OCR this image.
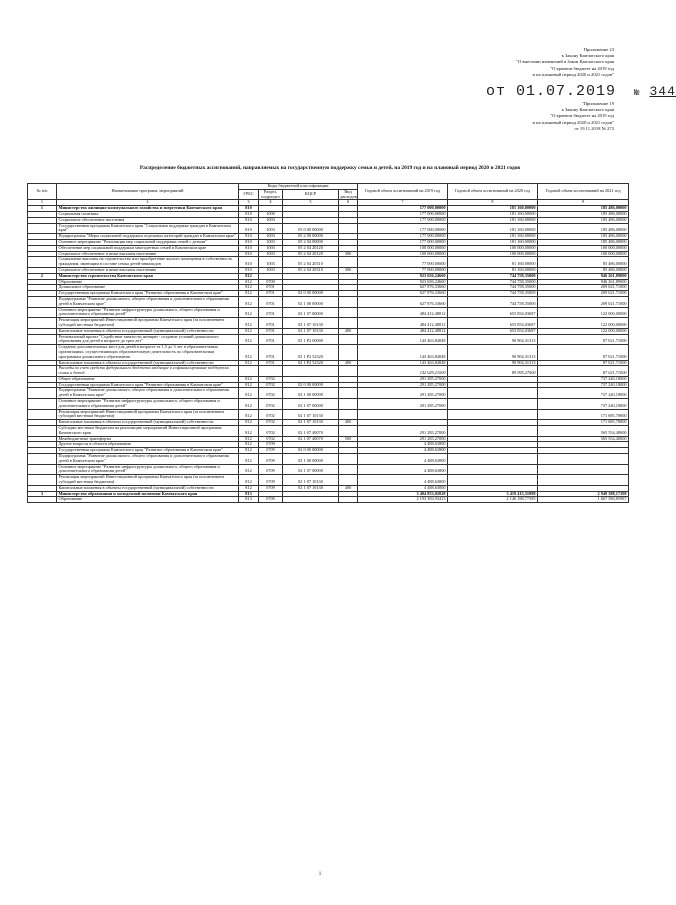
Приложение 23
к Закону Камчатского края
"О внесении изменений в Закон Камчатского края
"О краевом бюджете на 2019 год
и на плановый период 2020 и 2021 годов"
от 01.07.2019 № 344
"Приложение 19
к Закону Камчатского края
"О краевом бюджете на 2019 год
и на плановый период 2020 и 2021 годов"
от 19.11.2018 № 272
Распределение бюджетных ассигнований, направляемых на государственную поддержку семьи и детей, на 2019 год и на плановый период 2020 и 2021 годов
№ п/п	Наименование программ, мероприятий	Коды бюджетной классификации				Годовой объем ассигнований на 2019 год	Годовой объем ассигнований на 2020 год	Годовой объем ассигнований на 2021 год
		ГРБС	Раздел, подраздел	КЦСР	Вид расходов			
1	2	3	4	5	6	7	8	9
1	Министерство жилищно-коммунального хозяйства и энергетики Камчатского края	810				177 000,00000	181 160,00000	185 486,00000
	Социальная политика	810	1000			177 000,00000	181 160,00000	185 486,00000
	Социальное обеспечение населения	810	1003			177 000,00000	181 160,00000	185 486,00000
	Государственная программа Камчатского края "Социальная поддержка граждан в Камчатском крае"	810	1003	05 0 00 00000		177 000,00000	181 160,00000	185 486,00000
	Подпрограмма "Меры социальной поддержки отдельных категорий граждан в Камчатском крае"	810	1003	05 2 00 00000		177 000,00000	181 160,00000	185 486,00000
	Основное мероприятие "Реализация мер социальной поддержки семей с детьми"	810	1003	05 2 04 00000		177 000,00000	181 160,00000	185 486,00000
	Обеспечение мер социальной поддержки многодетных семей в Камчатском крае	810	1003	05 2 04 20120		100 000,00000	100 000,00000	100 000,00000
	Социальное обеспечение и иные выплаты населению	810	1003	05 2 04 20120	300	100 000,00000	100 000,00000	100 000,00000
	Социальные выплаты на строительство или приобретение жилого помещения в собственность гражданам, имеющим в составе семьи детей-инвалидов	810	1003	05 2 04 20310		77 000,00000	81 160,00000	85 486,00000
	Социальное обеспечение и иные выплаты населению	810	1003	05 2 04 20310	300	77 000,00000	81 160,00000	85 486,00000
2	Министерство строительства Камчатского края	812				923 656,24660	744 758,35000	946 261,89000
	Образование	812	0700			923 656,24660	744 758,35000	946 261,89000
	Дошкольное образование	812	0701			627 876,33660	744 758,35000	209 021,71000
	Государственная программа Камчатского края "Развитие образования в Камчатском крае"	812	0701	02 0 00 00000		627 876,33660	744 758,35000	209 021,71000
	Подпрограмма "Развитие дошкольного, общего образования и дополнительного образования детей в Камчатском крае"	812	0701	02 1 00 00000		627 876,33660	744 758,35000	209 021,71000
	Основное мероприятие "Развитие инфраструктуры дошкольного, общего образования и дополнительного образования детей"	812	0701	02 1 07 00000		484 412,48812	653 854,03687	122 000,00000
	Реализация мероприятий Инвестиционной программы Камчатского края (за исключением субсидий местным бюджетам)	812	0701	02 1 07 10130		484 412,48812	653 854,03687	122 000,00000
	Капитальные вложения в объекты государственной (муниципальной) собственности	812	0701	02 1 07 10130	400	484 412,48812	653 854,03687	122 000,00000
	Региональный проект "Содействие занятости женщин - создание условий дошкольного образования для детей в возрасте до трех лет"	812	0701	02 1 P2 00000		143 463,84848	90 904,31313	87 021,71000
	Создание дополнительных мест для детей в возрасте от 1,5 до 3 лет в образовательных организациях, осуществляющих образовательную деятельность по образовательным программам дошкольного образования	812	0701	02 1 P2 52320		143 463,84848	90 904,31313	87 021,71000
	Капитальные вложения в объекты государственной (муниципальной) собственности	812	0701	02 1 P2 52320	400	143 463,84848	90 904,31313	87 021,71000
	Расходы за счет средств федерального бюджета входящие в софинансирование поддержки семьи и детей					142 029,21000	89 995,27000	87 021,71000
	Общее образование	812	0702			291 285,27000		737 240,18000
	Государственная программа Камчатского края "Развитие образования в Камчатском крае"	812	0702	02 0 00 00000		291 285,27000		737 240,18000
	Подпрограмма "Развитие дошкольного, общего образования и дополнительного образования детей в Камчатском крае"	812	0702	02 1 00 00000		291 285,27000		737 240,18000
	Основное мероприятие "Развитие инфраструктуры дошкольного, общего образования и дополнительного образования детей"	812	0702	02 1 07 00000		291 285,27000		737 240,18000
	Реализация мероприятий Инвестиционной программы Камчатского края (за исключением субсидий местным бюджетам)	812	0702	02 1 07 10130				171 685,78000
	Капитальные вложения в объекты государственной (муниципальной) собственности	812	0702	02 1 07 10130	400			171 685,78000
	Субсидии местным бюджетам на реализацию мероприятий Инвестиционной программы Камчатского края	812	0702	02 1 07 40070		291 285,27000		565 554,40000
	Межбюджетные трансферты	812	0702	02 1 07 40070	500	291 285,27000		565 554,40000
	Другие вопросы в области образования	812	0709			4 488,63800		
	Государственная программа Камчатского края "Развитие образования в Камчатском крае"	812	0709	02 0 00 00000		4 488,63800		
	Подпрограмма "Развитие дошкольного, общего образования и дополнительного образования детей в Камчатском крае"	812	0709	02 1 00 00000		4 488,63800		
	Основное мероприятие "Развитие инфраструктуры дошкольного, общего образования и дополнительного образования детей"	812	0709	02 1 07 00000		4 488,63800		
	Реализация мероприятий Инвестиционной программы Камчатского края (за исключением субсидий местным бюджетам)	812	0709	02 1 07 10130		4 488,63800		
	Капитальные вложения в объекты государственной (муниципальной) собственности	812	0709	02 1 07 10130	400	4 488,63800		
3	Министерство образования и молодежной политики Камчатского края	813				3 404 853,02028	3 419 415,31098	2 949 388,17398
	Образование	813	0700			2 193 383,93413	2 146 188,77395	1 667 580,85987
1
